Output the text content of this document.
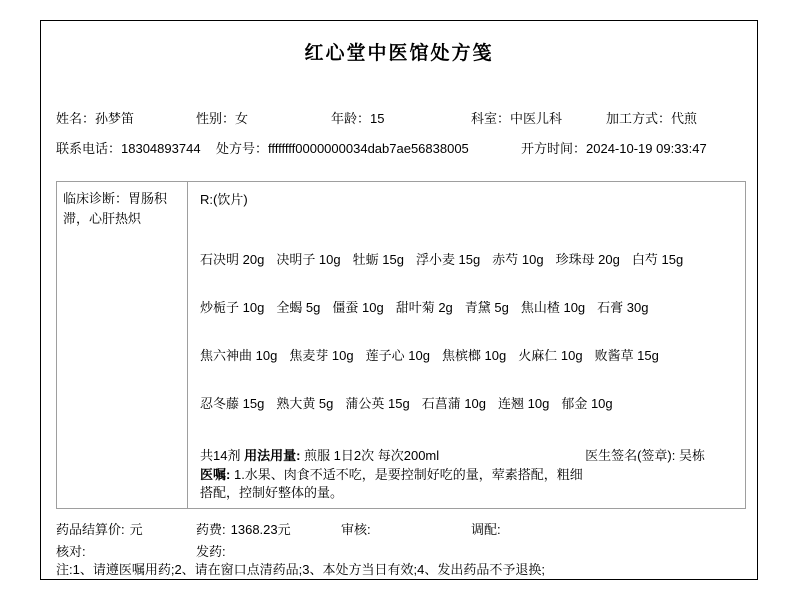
红心堂中医馆处方笺
姓名：孙梦笛	性别：女	年龄：15	科室：中医儿科	加工方式：代煎
联系电话：18304893744 处方号：ffffffff0000000034dab7ae56838005	开方时间：2024-10-19 09:33:47
临床诊断：胃肠积滞，心肝热炽
R:(饮片)
石决明 20g 决明子 10g 牡蛎 15g 浮小麦 15g 赤芍 10g 珍珠母 20g 白芍 15g
炒栀子 10g 全蝎 5g 僵蚕 10g 甜叶菊 2g 青黛 5g 焦山楂 10g 石膏 30g
焦六神曲 10g 焦麦芽 10g 莲子心 10g 焦槟榔 10g 火麻仁 10g 败酱草 15g
忍冬藤 15g 熟大黄 5g 蒲公英 15g 石菖蒲 10g 连翘 10g 郁金 10g
共14剂 用法用量: 煎服 1日2次 每次200ml	医生签名(签章): 吴栋
医嘱: 1.水果、肉食不适不吃，是要控制好吃的量，荤素搭配，粗细搭配，控制好整体的量。
药品结算价: 元	药费: 1368.23元	审核:	调配:
核对:	发药:
注:1、请遵医嘱用药;2、请在窗口点清药品;3、本处方当日有效;4、发出药品不予退换;
